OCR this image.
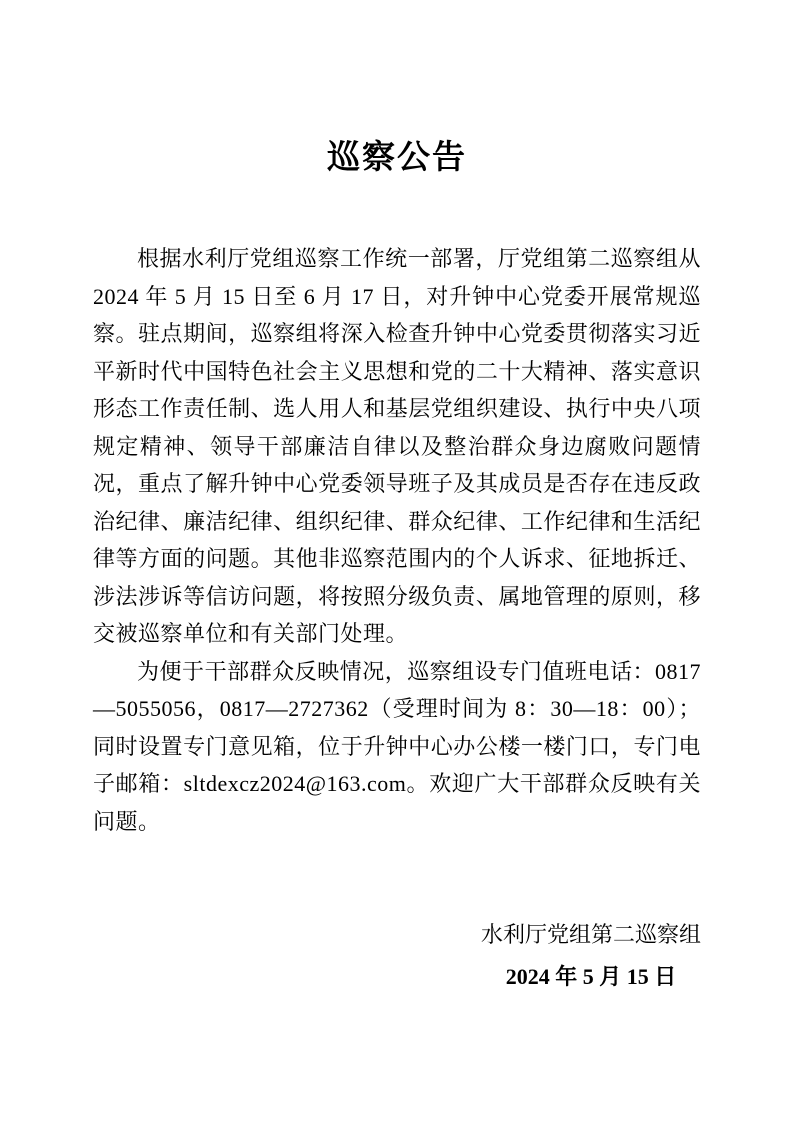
巡察公告

根据水利厅党组巡察工作统一部署，厅党组第二巡察组从 2024 年 5 月 15 日至 6 月 17 日，对升钟中心党委开展常规巡察。驻点期间，巡察组将深入检查升钟中心党委贯彻落实习近平新时代中国特色社会主义思想和党的二十大精神、落实意识形态工作责任制、选人用人和基层党组织建设、执行中央八项规定精神、领导干部廉洁自律以及整治群众身边腐败问题情况，重点了解升钟中心党委领导班子及其成员是否存在违反政治纪律、廉洁纪律、组织纪律、群众纪律、工作纪律和生活纪律等方面的问题。其他非巡察范围内的个人诉求、征地拆迁、涉法涉诉等信访问题，将按照分级负责、属地管理的原则，移交被巡察单位和有关部门处理。

为便于干部群众反映情况，巡察组设专门值班电话：0817—5055056，0817—2727362（受理时间为 8：30—18：00）；同时设置专门意见箱，位于升钟中心办公楼一楼门口，专门电子邮箱：sltdexcz2024@163.com。欢迎广大干部群众反映有关问题。

水利厅党组第二巡察组
2024 年 5 月 15 日
